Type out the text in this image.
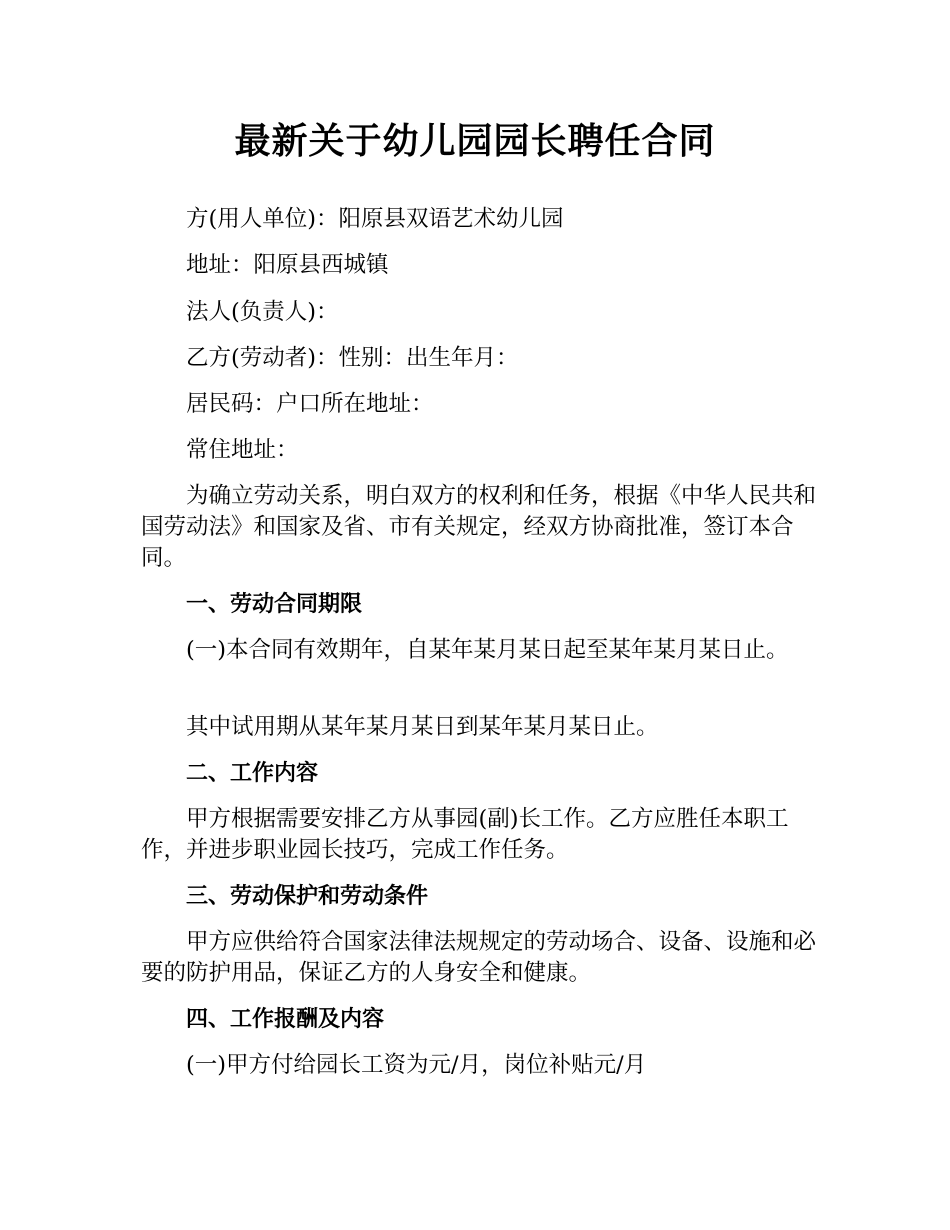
最新关于幼儿园园长聘任合同
方(用人单位)：阳原县双语艺术幼儿园
地址：阳原县西城镇
法人(负责人)：
乙方(劳动者)：性别：出生年月：
居民码：户口所在地址：
常住地址：
为确立劳动关系，明白双方的权利和任务，根据《中华人民共和国劳动法》和国家及省、市有关规定，经双方协商批准，签订本合同。
一、劳动合同期限
(一)本合同有效期年，自某年某月某日起至某年某月某日止。
其中试用期从某年某月某日到某年某月某日止。
二、工作内容
甲方根据需要安排乙方从事园(副)长工作。乙方应胜任本职工作，并进步职业园长技巧，完成工作任务。
三、劳动保护和劳动条件
甲方应供给符合国家法律法规规定的劳动场合、设备、设施和必要的防护用品，保证乙方的人身安全和健康。
四、工作报酬及内容
(一)甲方付给园长工资为元/月，岗位补贴元/月
